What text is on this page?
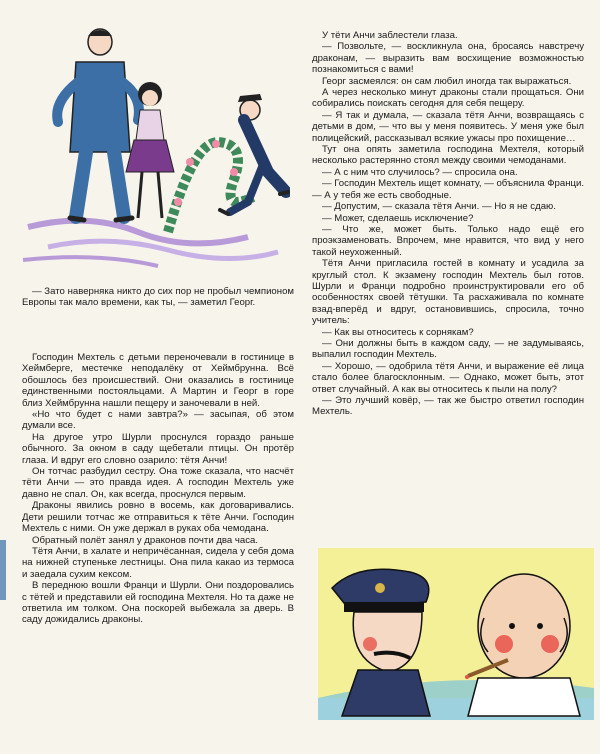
— Зато наверняка никто до сих пор не пробыл чемпионом Европы так мало времени, как ты, — заметил Георг.

Господин Мехтель с детьми переночевали в гостинице в Хеймберге, местечке неподалёку от Хеймбрунна. Всё обошлось без происшествий. Они оказались в гостинице единственными постояльцами. А Мартин и Георг в горе близ Хеймбрунна нашли пещеру и заночевали в ней.

«Но что будет с нами завтра?» — засыпая, об этом думали все.

На другое утро Шурли проснулся гораздо раньше обычного. За окном в саду щебетали птицы. Он протёр глаза. И вдруг его словно озарило: тётя Анчи!

Он тотчас разбудил сестру. Она тоже сказала, что насчёт тёти Анчи — это правда идея. А господин Мехтель уже давно не спал. Он, как всегда, проснулся первым.

Драконы явились ровно в восемь, как договаривались. Дети решили тотчас же отправиться к тёте Анчи. Господин Мехтель с ними. Он уже держал в руках оба чемодана.

Обратный полёт занял у драконов почти два часа.

Тётя Анчи, в халате и непричёсанная, сидела у себя дома на нижней ступеньке лестницы. Она пила какао из термоса и заедала сухим кексом.

В переднюю вошли Франци и Шурли. Они поздоровались с тётей и представили ей господина Мехтеля. Но та даже не ответила им толком. Она поскорей выбежала за дверь. В саду дожидались драконы.

У тёти Анчи заблестели глаза.

— Позвольте, — воскликнула она, бросаясь навстречу драконам, — выразить вам восхищение возможностью познакомиться с вами!

Георг засмеялся: он сам любил иногда так выражаться.

А через несколько минут драконы стали прощаться. Они собирались поискать сегодня для себя пещеру.

— Я так и думала, — сказала тётя Анчи, возвращаясь с детьми в дом, — что вы у меня появитесь. У меня уже был полицейский, рассказывал всякие ужасы про похищение…

Тут она опять заметила господина Мехтеля, который несколько растерянно стоял между своими чемоданами.

— А с ним что случилось? — спросила она.

— Господин Мехтель ищет комнату, — объяснила Франци. — А у тебя же есть свободные.

— Допустим, — сказала тётя Анчи. — Но я не сдаю.

— Может, сделаешь исключение?

— Что же, может быть. Только надо ещё его проэкзаменовать. Впрочем, мне нравится, что вид у него такой неухоженный.

Тётя Анчи пригласила гостей в комнату и усадила за круглый стол. К экзамену господин Мехтель был готов. Шурли и Франци подробно проинструктировали его об особенностях своей тётушки. Та расхаживала по комнате взад-вперёд и вдруг, остановившись, спросила, точно учитель:

— Как вы относитесь к сорнякам?

— Они должны быть в каждом саду, — не задумываясь, выпалил господин Мехтель.

— Хорошо, — одобрила тётя Анчи, и выражение её лица стало более благосклонным. — Однако, может быть, этот ответ случайный. А как вы относитесь к пыли на полу?

— Это лучший ковёр, — так же быстро ответил господин Мехтель.
